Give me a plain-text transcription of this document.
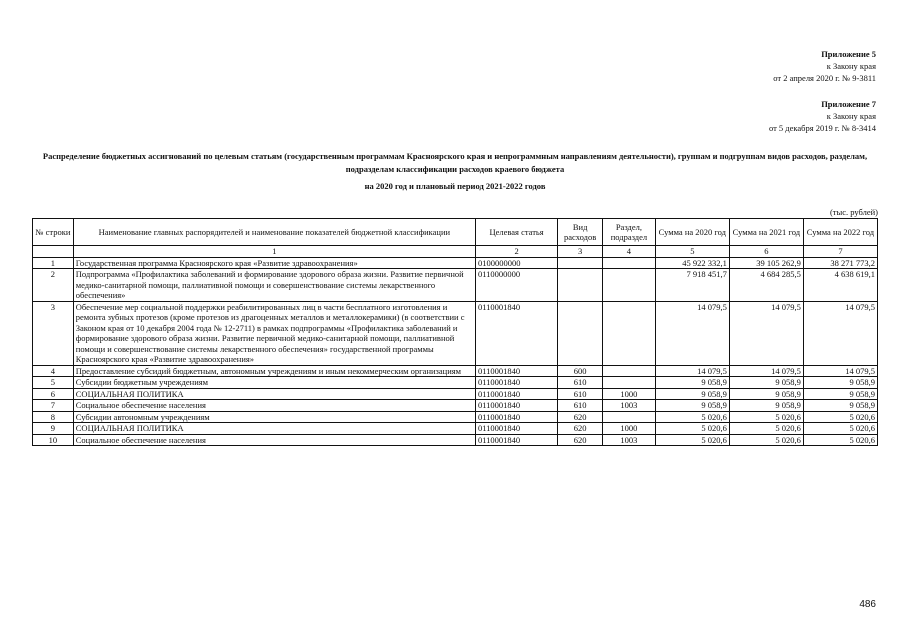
Приложение 5
к Закону края
от 2 апреля 2020 г. № 9-3811
Приложение 7
к Закону края
от 5 декабря 2019 г. № 8-3414
Распределение бюджетных ассигнований по целевым статьям (государственным программам Красноярского края и непрограммным направлениям деятельности), группам и подгруппам видов расходов, разделам, подразделам классификации расходов краевого бюджета
на 2020 год и плановый период 2021-2022 годов
(тыс. рублей)
№ строки	Наименование главных распорядителей и наименование показателей бюджетной классификации	Целевая статья	Вид расходов	Раздел, подраздел	Сумма на 2020 год	Сумма на 2021 год	Сумма на 2022 год
	1	2	3	4	5	6	7
1	Государственная программа Красноярского края «Развитие здравоохранения»	0100000000			45 922 332,1	39 105 262,9	38 271 773,2
2	Подпрограмма «Профилактика заболеваний и формирование здорового образа жизни. Развитие первичной медико-санитарной помощи, паллиативной помощи и совершенствование системы лекарственного обеспечения»	0110000000			7 918 451,7	4 684 285,5	4 638 619,1
3	Обеспечение мер социальной поддержки реабилитированных лиц в части бесплатного изготовления и ремонта зубных протезов (кроме протезов из драгоценных металлов и металлокерамики) (в соответствии с Законом края от 10 декабря 2004 года № 12-2711) в рамках подпрограммы «Профилактика заболеваний и формирование здорового образа жизни. Развитие первичной медико-санитарной помощи, паллиативной помощи и совершенствование системы лекарственного обеспечения» государственной программы Красноярского края «Развитие здравоохранения»	0110001840			14 079,5	14 079,5	14 079,5
4	Предоставление субсидий бюджетным, автономным учреждениям и иным некоммерческим организациям	0110001840	600		14 079,5	14 079,5	14 079,5
5	Субсидии бюджетным учреждениям	0110001840	610		9 058,9	9 058,9	9 058,9
6	СОЦИАЛЬНАЯ ПОЛИТИКА	0110001840	610	1000	9 058,9	9 058,9	9 058,9
7	Социальное обеспечение населения	0110001840	610	1003	9 058,9	9 058,9	9 058,9
8	Субсидии автономным учреждениям	0110001840	620		5 020,6	5 020,6	5 020,6
9	СОЦИАЛЬНАЯ ПОЛИТИКА	0110001840	620	1000	5 020,6	5 020,6	5 020,6
10	Социальное обеспечение населения	0110001840	620	1003	5 020,6	5 020,6	5 020,6
486
